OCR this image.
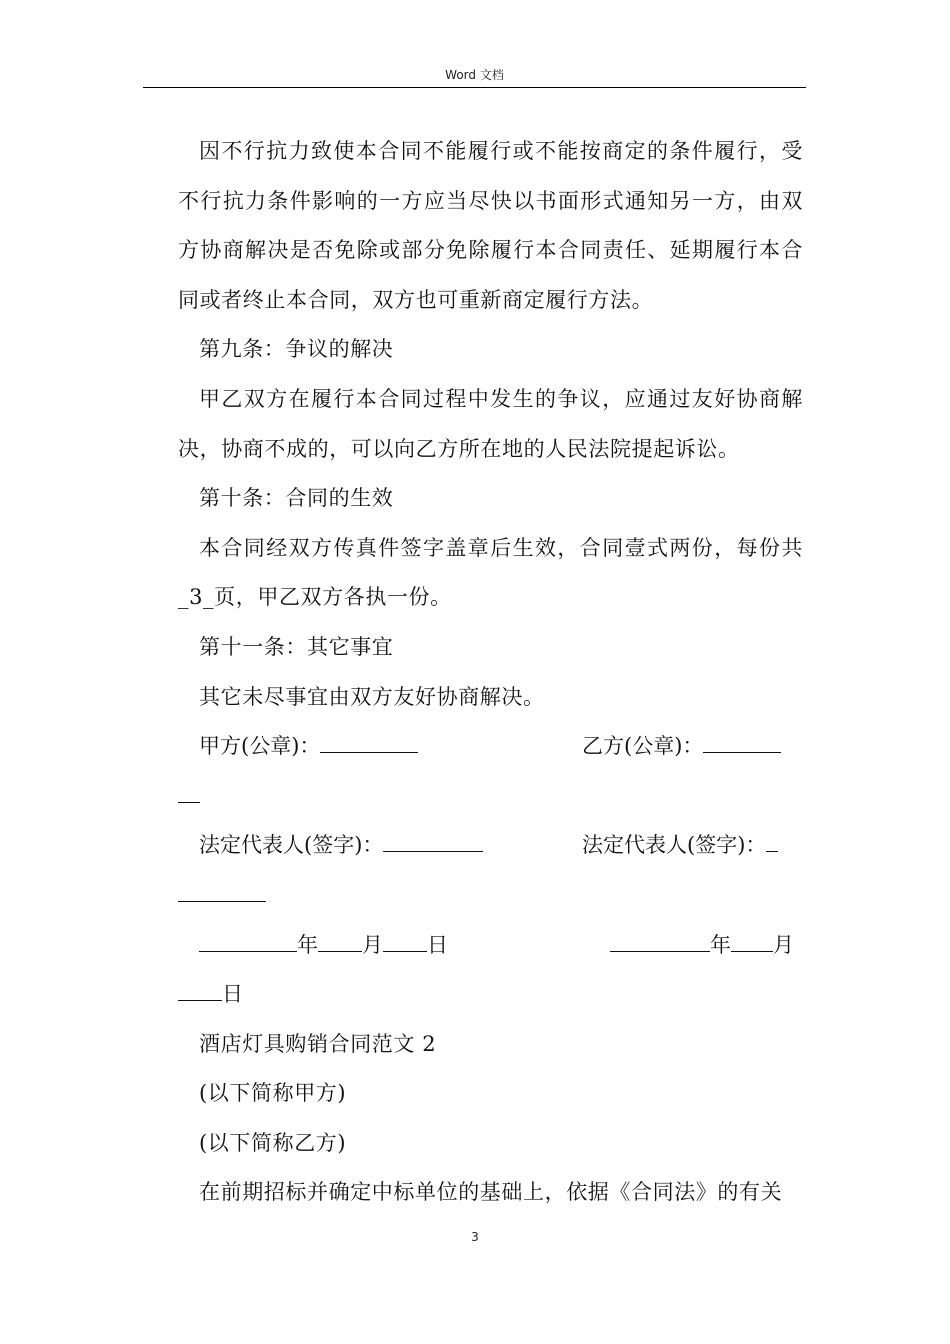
Word 文档

因不行抗力致使本合同不能履行或不能按商定的条件履行，受不行抗力条件影响的一方应当尽快以书面形式通知另一方，由双方协商解决是否免除或部分免除履行本合同责任、延期履行本合同或者终止本合同，双方也可重新商定履行方法。

第九条：争议的解决

甲乙双方在履行本合同过程中发生的争议，应通过友好协商解决，协商不成的，可以向乙方所在地的人民法院提起诉讼。

第十条：合同的生效

本合同经双方传真件签字盖章后生效，合同壹式两份，每份共_3_页，甲乙双方各执一份。

第十一条：其它事宜

其它未尽事宜由双方友好协商解决。

甲方(公章)：	乙方(公章)：
法定代表人(签字)：	法定代表人(签字)：
年 月 日	年 月
日

酒店灯具购销合同范文 2

(以下简称甲方)

(以下简称乙方)

在前期招标并确定中标单位的基础上，依据《合同法》的有关

3
